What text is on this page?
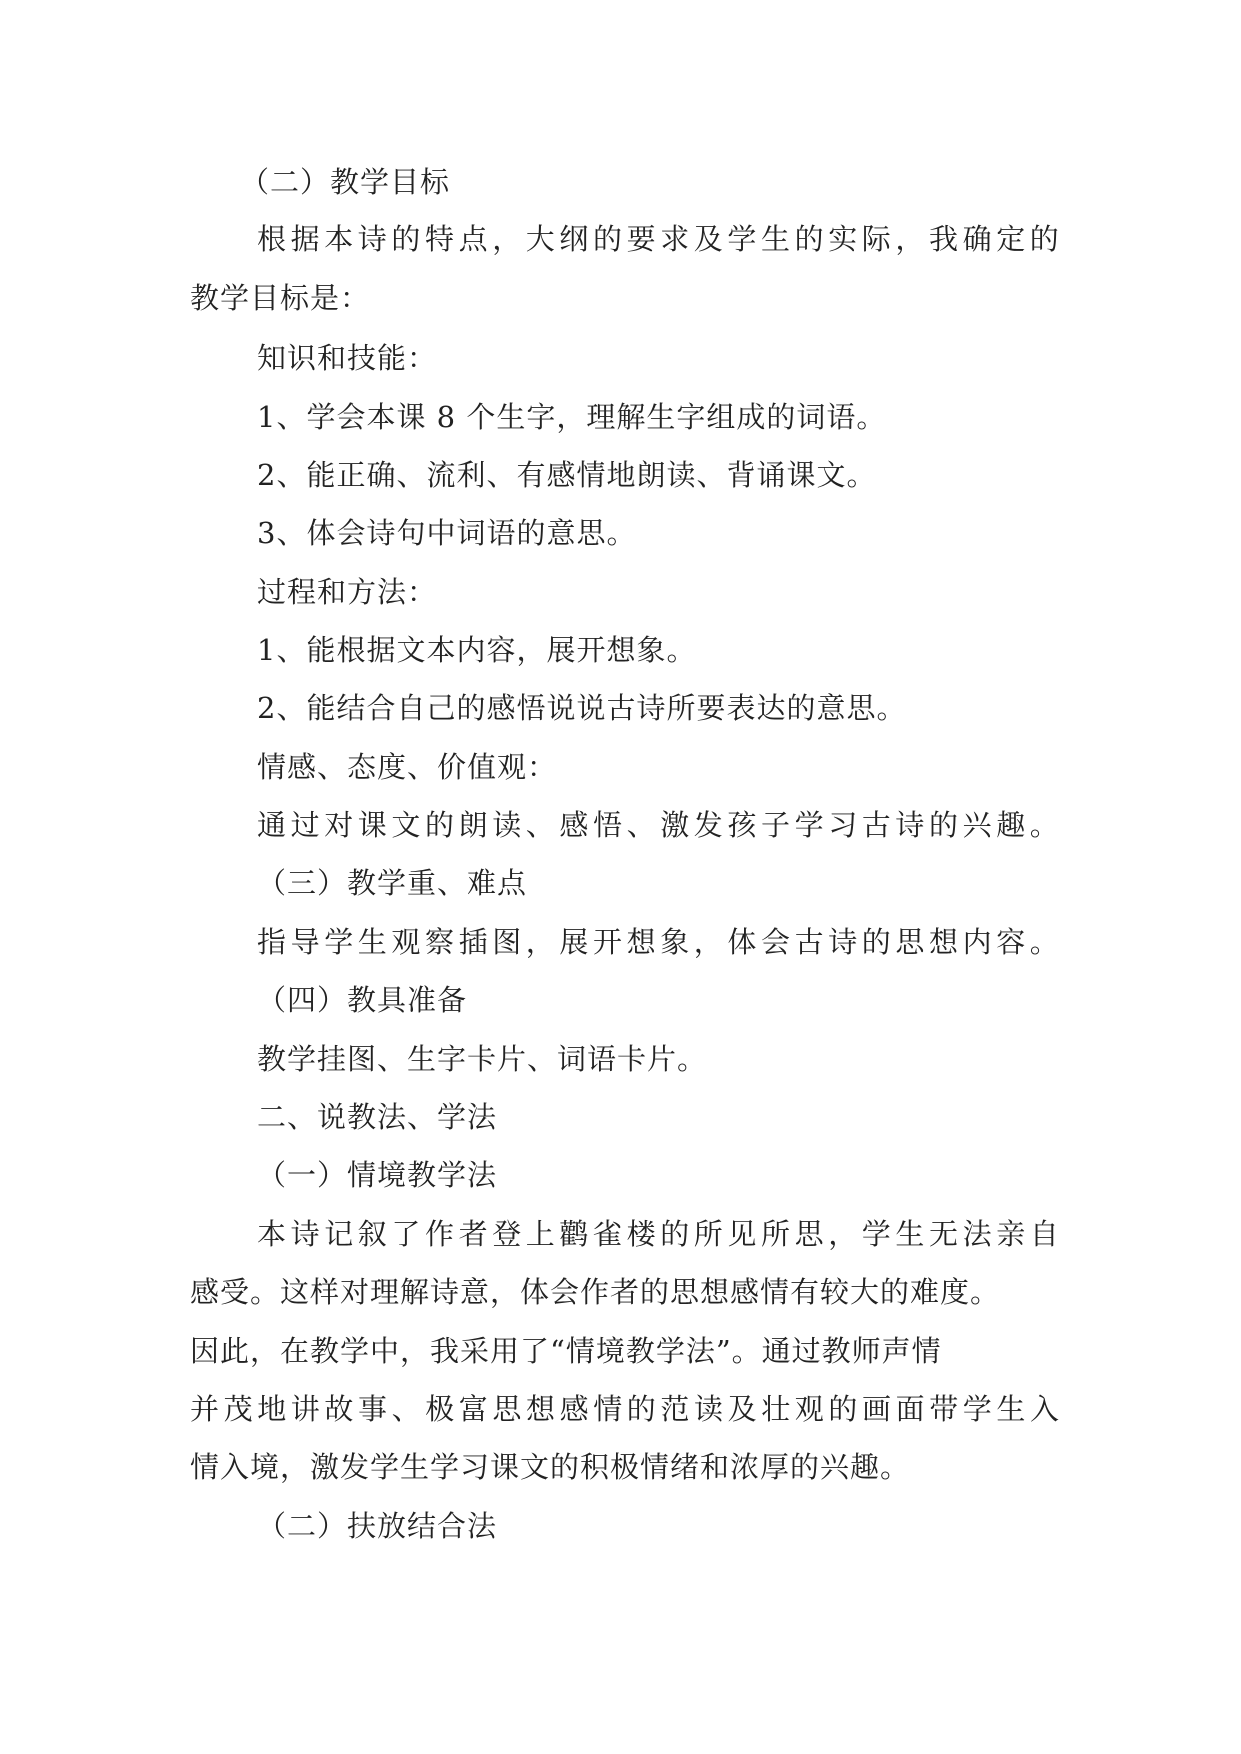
（二）教学目标
根据本诗的特点，大纲的要求及学生的实际，我确定的
教学目标是：
知识和技能：
1、学会本课 8 个生字，理解生字组成的词语。
2、能正确、流利、有感情地朗读、背诵课文。
3、体会诗句中词语的意思。
过程和方法：
1、能根据文本内容，展开想象。
2、能结合自己的感悟说说古诗所要表达的意思。
情感、态度、价值观：
通过对课文的朗读、感悟、激发孩子学习古诗的兴趣。
（三）教学重、难点
指导学生观察插图，展开想象，体会古诗的思想内容。
（四）教具准备
教学挂图、生字卡片、词语卡片。
二、说教法、学法
（一）情境教学法
本诗记叙了作者登上鹳雀楼的所见所思，学生无法亲自
感受。这样对理解诗意，体会作者的思想感情有较大的难度。
因此，在教学中，我采用了“情境教学法”。通过教师声情
并茂地讲故事、极富思想感情的范读及壮观的画面带学生入
情入境，激发学生学习课文的积极情绪和浓厚的兴趣。
（二）扶放结合法
